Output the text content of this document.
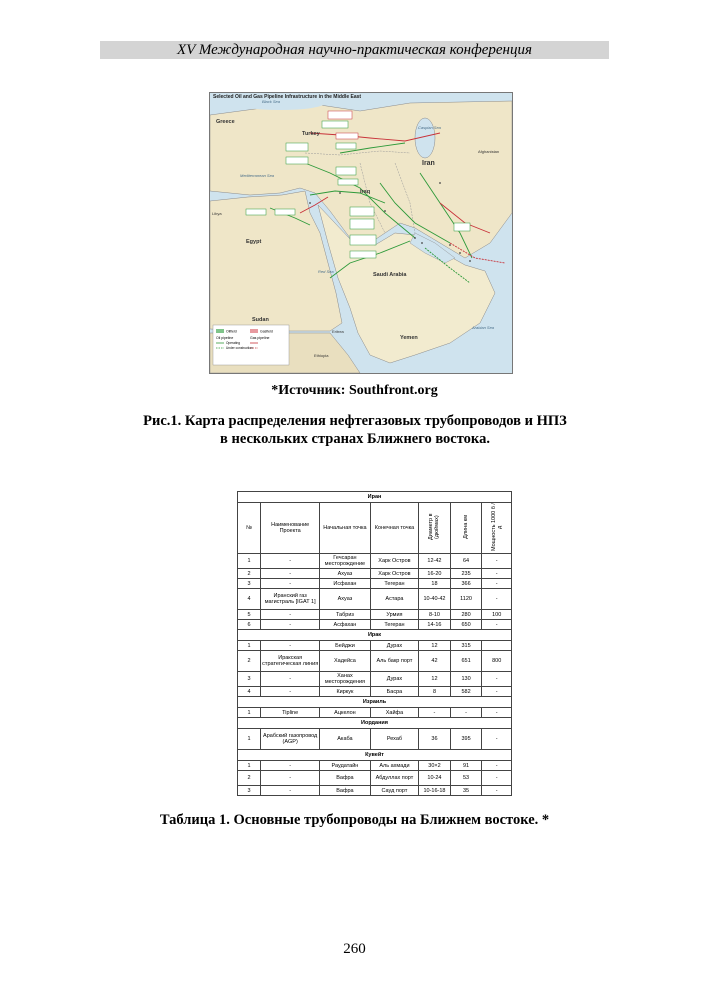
XV Международная научно-практическая конференция
Greece
Turkey
Iraq
Iran
Egypt
Saudi Arabia
Sudan
Yemen
Black Sea
Caspian Sea
Mediterranean Sea
Red Sea
Arabian Sea
Afghanistan
Libya
Eritrea
Ethiopia
Oilfield	Gasfield
Oil pipeline	Gas pipeline
Operating
Under construction
Selected Oil and Gas Pipeline Infrastructure in the Middle East
*Источник: Southfront.org
Рис.1. Карта распределения нефтегазовых трубопроводов и НПЗ
в нескольких странах Ближнего востока.
Иран						
№	Наименование Проекта	Начальная точка	Конечная точка	Диаметр в (дюймах)	Длина км	Мощность 1000 б / д
1	-	Гечсаран месторождение	Харк Остров	12-42	64	-
2	-	Ахуаз	Харк Остров	16-20	235	-
3	-	Исфахан	Тегеран	18	366	-
4	Иранский газ магистраль [IGAT 1]	Ахуаз	Астара	10-40-42	1120	-
5	-	Табриз	Урмия	8-10	280	100
6	-	Асфахан	Тегеран	14-16	650	-
Ирак						
1	-	Бейджи	Дурах	12	315	
2	Иракская стратегическая линия	Хадейса	Аль бакр порт	42	651	800
3	-	Ханах месторождения	Дурах	12	130	-
4	-	Киркук	Басра	8	582	-
Израиль						
1	Tipline	Ацкелон	Хайфа	-	-	-
Иордания						
1	Арабский газопровод (AGP)	Акаба	Рехаб	36	395	-
Кувейт						
1	-	Раудатайн	Аль ахмади	30×2	91	-
2	-	Вафра	Абдуллах порт	10-24	53	-
3	-	Вафра	Сауд порт	10-16-18	35	-
Таблица 1. Основные трубопроводы на Ближнем востоке. *
260
